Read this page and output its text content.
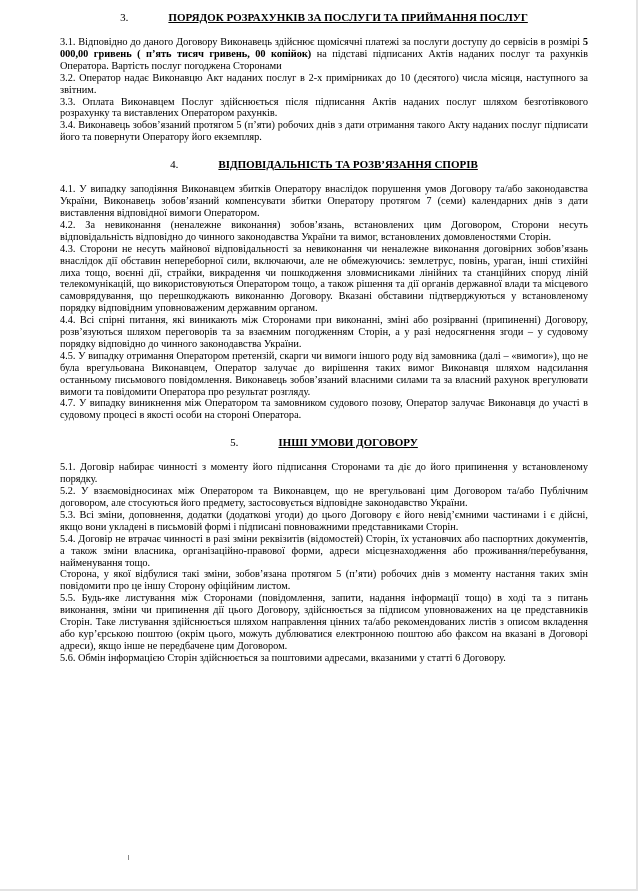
3.	ПОРЯДОК РОЗРАХУНКІВ ЗА ПОСЛУГИ ТА ПРИЙМАННЯ ПОСЛУГ

3.1. Відповідно до даного Договору Виконавець здійснює щомісячні платежі за послуги доступу до сервісів в розмірі 5 000,00 гривень ( п’ять тисяч гривень, 00 копійок) на підставі підписаних Актів наданих послуг та рахунків Оператора. Вартість послуг погоджена Сторонами

3.2. Оператор надає Виконавцю Акт наданих послуг в 2-х примірниках до 10 (десятого) числа місяця, наступного за звітним.

3.3. Оплата Виконавцем Послуг здійснюється після підписання Актів наданих послуг шляхом безготівкового розрахунку та виставлених Оператором рахунків.

3.4. Виконавець зобов’язаний протягом 5 (п’яти) робочих днів з дати отримання такого Акту наданих послуг підписати його та повернути Оператору його екземпляр.

4.	ВІДПОВІДАЛЬНІСТЬ ТА РОЗВ’ЯЗАННЯ СПОРІВ

4.1. У випадку заподіяння Виконавцем збитків Оператору внаслідок порушення умов Договору та/або законодавства України, Виконавець зобов’язаний компенсувати збитки Оператору протягом 7 (семи) календарних днів з дати виставлення відповідної вимоги Оператором.

4.2. За невиконання (неналежне виконання) зобов’язань, встановлених цим Договором, Сторони несуть відповідальність відповідно до чинного законодавства України та вимог, встановлених домовленостями Сторін.

4.3. Сторони не несуть майнової відповідальності за невиконання чи неналежне виконання договірних зобов’язань внаслідок дії обставин непереборної сили, включаючи, але не обмежуючись: землетрус, повінь, ураган, інші стихійні лиха тощо, воєнні дії, страйки, викрадення чи пошкодження зловмисниками лінійних та станційних споруд ліній телекомунікацій, що використовуються Оператором тощо, а також рішення та дії органів державної влади та місцевого самоврядування, що перешкоджають виконанню Договору. Вказані обставини підтверджуються у встановленому порядку відповідним уповноваженим державним органом.

4.4. Всі спірні питання, які виникають між Сторонами при виконанні, зміні або розірванні (припиненні) Договору, розв’язуються шляхом переговорів та за взаємним погодженням Сторін, а у разі недосягнення згоди – у судовому порядку відповідно до чинного законодавства України.

4.5. У випадку отримання Оператором претензій, скарги чи вимоги іншого роду від замовника (далі – «вимоги»), що не була врегульована Виконавцем, Оператор залучає до вирішення таких вимог Виконавця шляхом надсилання останньому письмового повідомлення. Виконавець зобов’язаний власними силами та за власний рахунок врегулювати вимоги та повідомити Оператора про результат розгляду.

4.7. У випадку виникнення між Оператором та замовником судового позову, Оператор залучає Виконавця до участі в судовому процесі в якості особи на стороні Оператора.

5.	ІНШІ УМОВИ ДОГОВОРУ

5.1. Договір набирає чинності з моменту його підписання Сторонами та діє до його припинення у встановленому порядку.

5.2. У взаємовідносинах між Оператором та Виконавцем, що не врегульовані цим Договором та/або Публічним договором, але стосуються його предмету, застосовується відповідне законодавство України.

5.3. Всі зміни, доповнення, додатки (додаткові угоди) до цього Договору є його невід’ємними частинами і є дійсні, якщо вони укладені в письмовій формі і підписані повноважними представниками Сторін.

5.4. Договір не втрачає чинності в разі зміни реквізитів (відомостей) Сторін, їх установчих або паспортних документів, а також зміни власника, організаційно-правової форми, адреси місцезнаходження або проживання/перебування, найменування тощо.

Сторона, у якої відбулися такі зміни, зобов’язана протягом 5 (п’яти) робочих днів з моменту настання таких змін повідомити про це іншу Сторону офіційним листом.

5.5. Будь-яке листування між Сторонами (повідомлення, запити, надання інформації тощо) в ході та з питань виконання, зміни чи припинення дії цього Договору, здійснюється за підписом уповноважених на це представників Сторін. Таке листування здійснюється шляхом направлення цінних та/або рекомендованих листів з описом вкладення або кур’єрською поштою (окрім цього, можуть дублюватися електронною поштою або факсом на вказані в Договорі адреси), якщо інше не передбачене цим Договором.

5.6. Обмін інформацією Сторін здійснюється за поштовими адресами, вказаними у статті 6 Договору.
